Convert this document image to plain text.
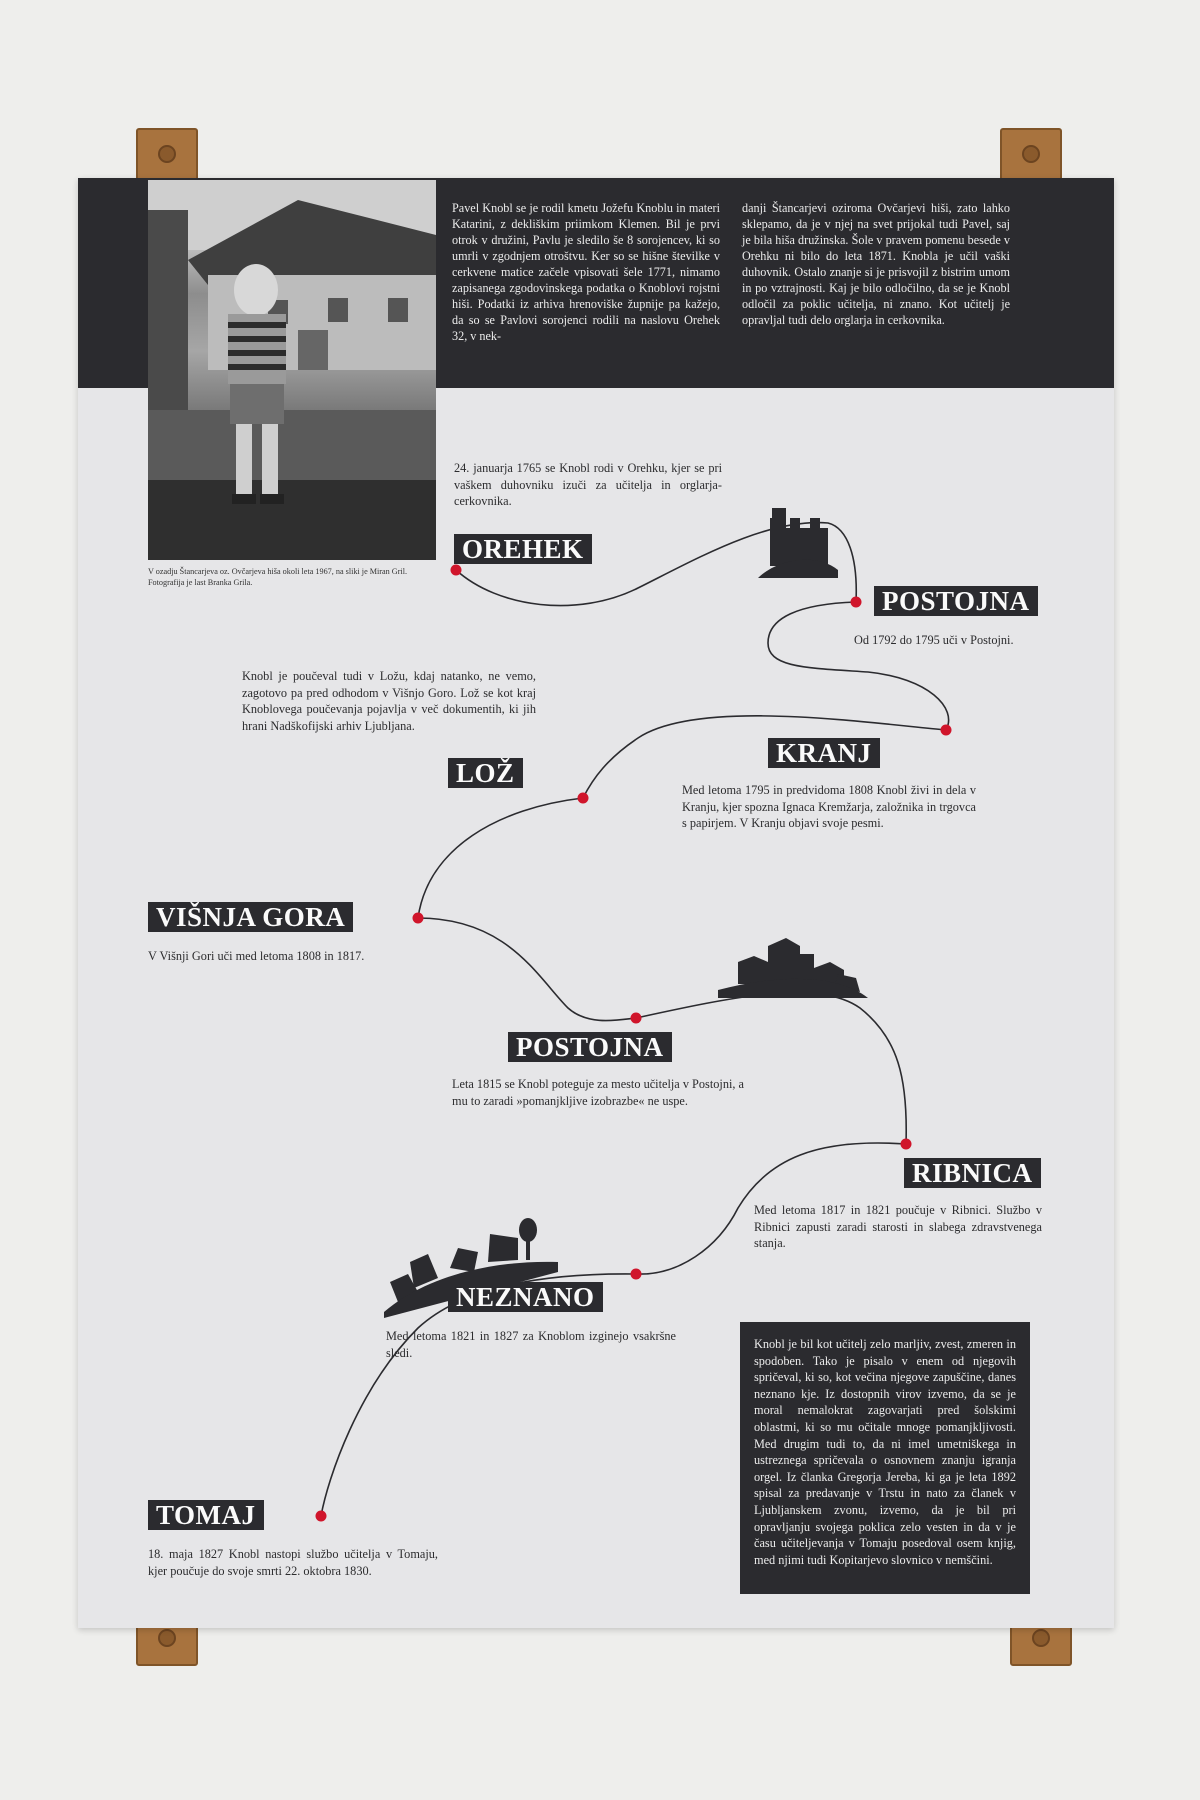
V ozadju Štancarjeva oz. Ovčarjeva hiša okoli leta 1967, na sliki je Miran Gril.
Fotografija je last Branka Grila.
Pavel Knobl se je rodil kmetu Jožefu Knoblu in materi Katarini, z dekliškim priimkom Klemen. Bil je prvi otrok v družini, Pavlu je sledilo še 8 sorojencev, ki so umrli v zgodnjem otroštvu. Ker so se hišne številke v cerkvene matice začele vpisovati šele 1771, nimamo zapisanega zgodovinskega podatka o Knoblovi rojstni hiši. Podatki iz arhiva hrenoviške župnije pa kažejo, da so se Pavlovi sorojenci rodili na naslovu Orehek 32, v nek-
danji Štancarjevi oziroma Ovčarjevi hiši, zato lahko sklepamo, da je v njej na svet prijokal tudi Pavel, saj je bila hiša družinska. Šole v pravem pomenu besede v Orehku ni bilo do leta 1871. Knobla je učil vaški duhovnik. Ostalo znanje si je prisvojil z bistrim umom in po vztrajnosti. Kaj je bilo odločilno, da se je Knobl odločil za poklic učitelja, ni znano. Kot učitelj je opravljal tudi delo orglarja in cerkovnika.
24. januarja 1765 se Knobl rodi v Orehku, kjer se pri vaškem duhovniku izuči za učitelja in orglarja-cerkovnika.
OREHEK
POSTOJNA
Od 1792 do 1795 uči v Postojni.
Knobl je poučeval tudi v Ložu, kdaj natanko, ne vemo, zagotovo pa pred odhodom v Višnjo Goro. Lož se kot kraj Knoblovega poučevanja pojavlja v več dokumentih, ki jih hrani Nadškofijski arhiv Ljubljana.
LOŽ
KRANJ
Med letoma 1795 in predvidoma 1808 Knobl živi in dela v Kranju, kjer spozna Ignaca Kremžarja, založnika in trgovca s papirjem. V Kranju objavi svoje pesmi.
VIŠNJA GORA
V Višnji Gori uči med letoma 1808 in 1817.
POSTOJNA
Leta 1815 se Knobl poteguje za mesto učitelja v Postojni, a mu to zaradi »pomanjkljive izobrazbe« ne uspe.
RIBNICA
Med letoma 1817 in 1821 poučuje v Ribnici. Službo v Ribnici zapusti zaradi starosti in slabega zdravstvenega stanja.
NEZNANO
Med letoma 1821 in 1827 za Knoblom izginejo vsakršne sledi.
TOMAJ
18. maja 1827 Knobl nastopi službo učitelja v Tomaju, kjer poučuje do svoje smrti 22. oktobra 1830.
Knobl je bil kot učitelj zelo marljiv, zvest, zmeren in spodoben. Tako je pisalo v enem od njegovih spričeval, ki so, kot večina njegove zapuščine, danes neznano kje. Iz dostopnih virov izvemo, da se je moral nemalokrat zagovarjati pred šolskimi oblastmi, ki so mu očitale mnoge pomanjkljivosti. Med drugim tudi to, da ni imel umetniškega in ustreznega spričevala o osnovnem znanju igranja orgel. Iz članka Gregorja Jereba, ki ga je leta 1892 spisal za predavanje v Trstu in nato za članek v Ljubljanskem zvonu, izvemo, da je bil pri opravljanju svojega poklica zelo vesten in da v je času učiteljevanja v Tomaju posedoval osem knjig, med njimi tudi Kopitarjevo slovnico v nemščini.
